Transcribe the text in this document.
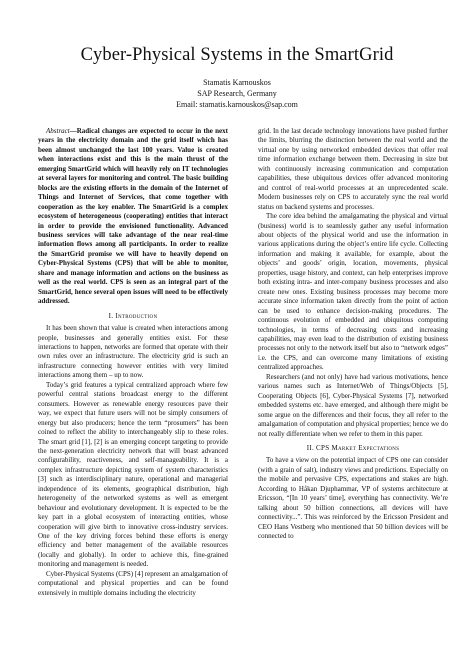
Cyber-Physical Systems in the SmartGrid
Stamatis Karnouskos
SAP Research, Germany
Email: stamatis.karnouskos@sap.com

Abstract—Radical changes are expected to occur in the next years in the electricity domain and the grid itself which has been almost unchanged the last 100 years. Value is created when interactions exist and this is the main thrust of the emerging SmartGrid which will heavily rely on IT technologies at several layers for monitoring and control. The basic building blocks are the existing efforts in the domain of the Internet of Things and Internet of Services, that come together with cooperation as the key enabler. The SmartGrid is a complex ecosystem of heterogeneous (cooperating) entities that interact in order to provide the envisioned functionality. Advanced business services will take advantage of the near real-time information flows among all participants. In order to realize the SmartGrid promise we will have to heavily depend on Cyber-Physical Systems (CPS) that will be able to monitor, share and manage information and actions on the business as well as the real world. CPS is seen as an integral part of the SmartGrid, hence several open issues will need to be effectively addressed.

I. Introduction

It has been shown that value is created when interactions among people, businesses and generally entities exist. For these interactions to happen, networks are formed that operate with their own rules over an infrastructure. The electricity grid is such an infrastructure connecting however entities with very limited interactions among them – up to now.

Today’s grid features a typical centralized approach where few powerful central stations broadcast energy to the different consumers. However as renewable energy resources pave their way, we expect that future users will not be simply consumers of energy but also producers; hence the term “prosumers” has been coined to reflect the ability to interchangeably slip to these roles. The smart grid [1], [2] is an emerging concept targeting to provide the next-generation electricity network that will boast advanced configurability, reactiveness, and self-manageability. It is a complex infrastructure depicting system of system characteristics [3] such as interdisciplinary nature, operational and managerial independence of its elements, geographical distribution, high heterogeneity of the networked systems as well as emergent behaviour and evolutionary development. It is expected to be the key part in a global ecosystem of interacting entities, whose cooperation will give birth to innovative cross-industry services. One of the key driving forces behind these efforts is energy efficiency and better management of the available resources (locally and globally). In order to achieve this, fine-grained monitoring and management is needed.

Cyber-Physical Systems (CPS) [4] represent an amalgamation of computational and physical properties and can be found extensively in multiple domains including the electricity

grid. In the last decade technology innovations have pushed further the limits, blurring the distinction between the real world and the virtual one by using networked embedded devices that offer real time information exchange between them. Decreasing in size but with continuously increasing communication and computation capabilities, these ubiquitous devices offer advanced monitoring and control of real-world processes at an unprecedented scale. Modern businesses rely on CPS to accurately sync the real world status on backend systems and processes.

The core idea behind the amalgamating the physical and virtual (business) world is to seamlessly gather any useful information about objects of the physical world and use the information in various applications during the object’s entire life cycle. Collecting information and making it available, for example, about the objects’ and goods’ origin, location, movements, physical properties, usage history, and context, can help enterprises improve both existing intra- and inter-company business processes and also create new ones. Existing business processes may become more accurate since information taken directly from the point of action can be used to enhance decision-making procedures. The continuous evolution of embedded and ubiquitous computing technologies, in terms of decreasing costs and increasing capabilities, may even lead to the distribution of existing business processes not only to the network itself but also to “network edges” i.e. the CPS, and can overcome many limitations of existing centralized approaches.

Researchers (and not only) have had various motivations, hence various names such as Internet/Web of Things/Objects [5], Cooperating Objects [6], Cyber-Physical Systems [7], networked embedded systems etc. have emerged, and although there might be some argue on the differences and their focus, they all refer to the amalgamation of computation and physical properties; hence we do not really differentiate when we refer to them in this paper.

II. CPS Market Expectations

To have a view on the potential impact of CPS one can consider (with a grain of salt), industry views and predictions. Especially on the mobile and pervasive CPS, expectations and stakes are high. According to Håkan Djuphammar, VP of systems architecture at Ericsson, “[In 10 years’ time], everything has connectivity. We’re talking about 50 billion connections, all devices will have connectivity...”. This was reinforced by the Ericsson President and CEO Hans Vestberg who mentioned that 50 billion devices will be connected to
